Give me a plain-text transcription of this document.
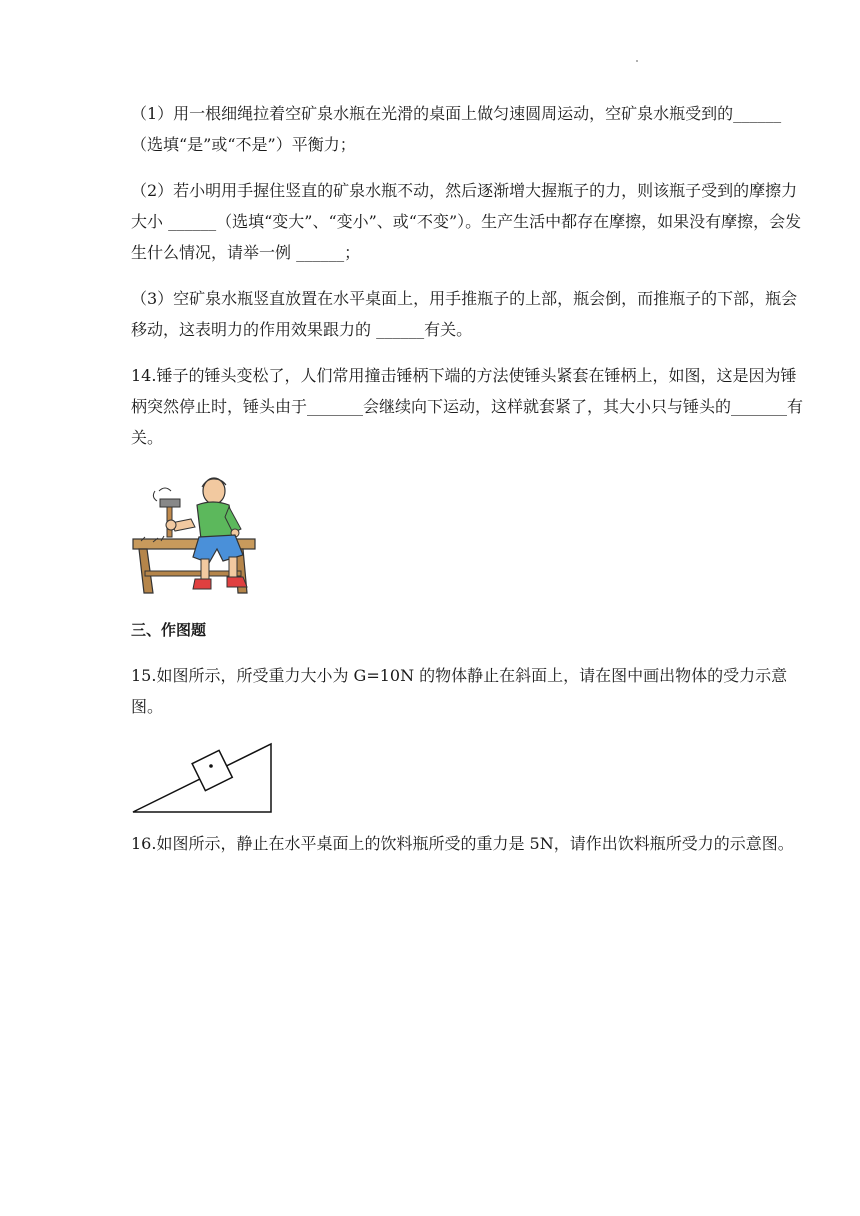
（1）用一根细绳拉着空矿泉水瓶在光滑的桌面上做匀速圆周运动，空矿泉水瓶受到的______（选填“是”或“不是”）平衡力；

（2）若小明用手握住竖直的矿泉水瓶不动，然后逐渐增大握瓶子的力，则该瓶子受到的摩擦力大小 ______（选填“变大”、“变小”、或“不变”）。生产生活中都存在摩擦，如果没有摩擦，会发生什么情况，请举一例 ______；

（3）空矿泉水瓶竖直放置在水平桌面上，用手推瓶子的上部，瓶会倒，而推瓶子的下部，瓶会移动，这表明力的作用效果跟力的 ______有关。

14.锤子的锤头变松了，人们常用撞击锤柄下端的方法使锤头紧套在锤柄上，如图，这是因为锤柄突然停止时，锤头由于_______会继续向下运动，这样就套紧了，其大小只与锤头的_______有关。

三、作图题

15.如图所示，所受重力大小为 G=10N 的物体静止在斜面上，请在图中画出物体的受力示意图。

16.如图所示，静止在水平桌面上的饮料瓶所受的重力是 5N，请作出饮料瓶所受力的示意图。
